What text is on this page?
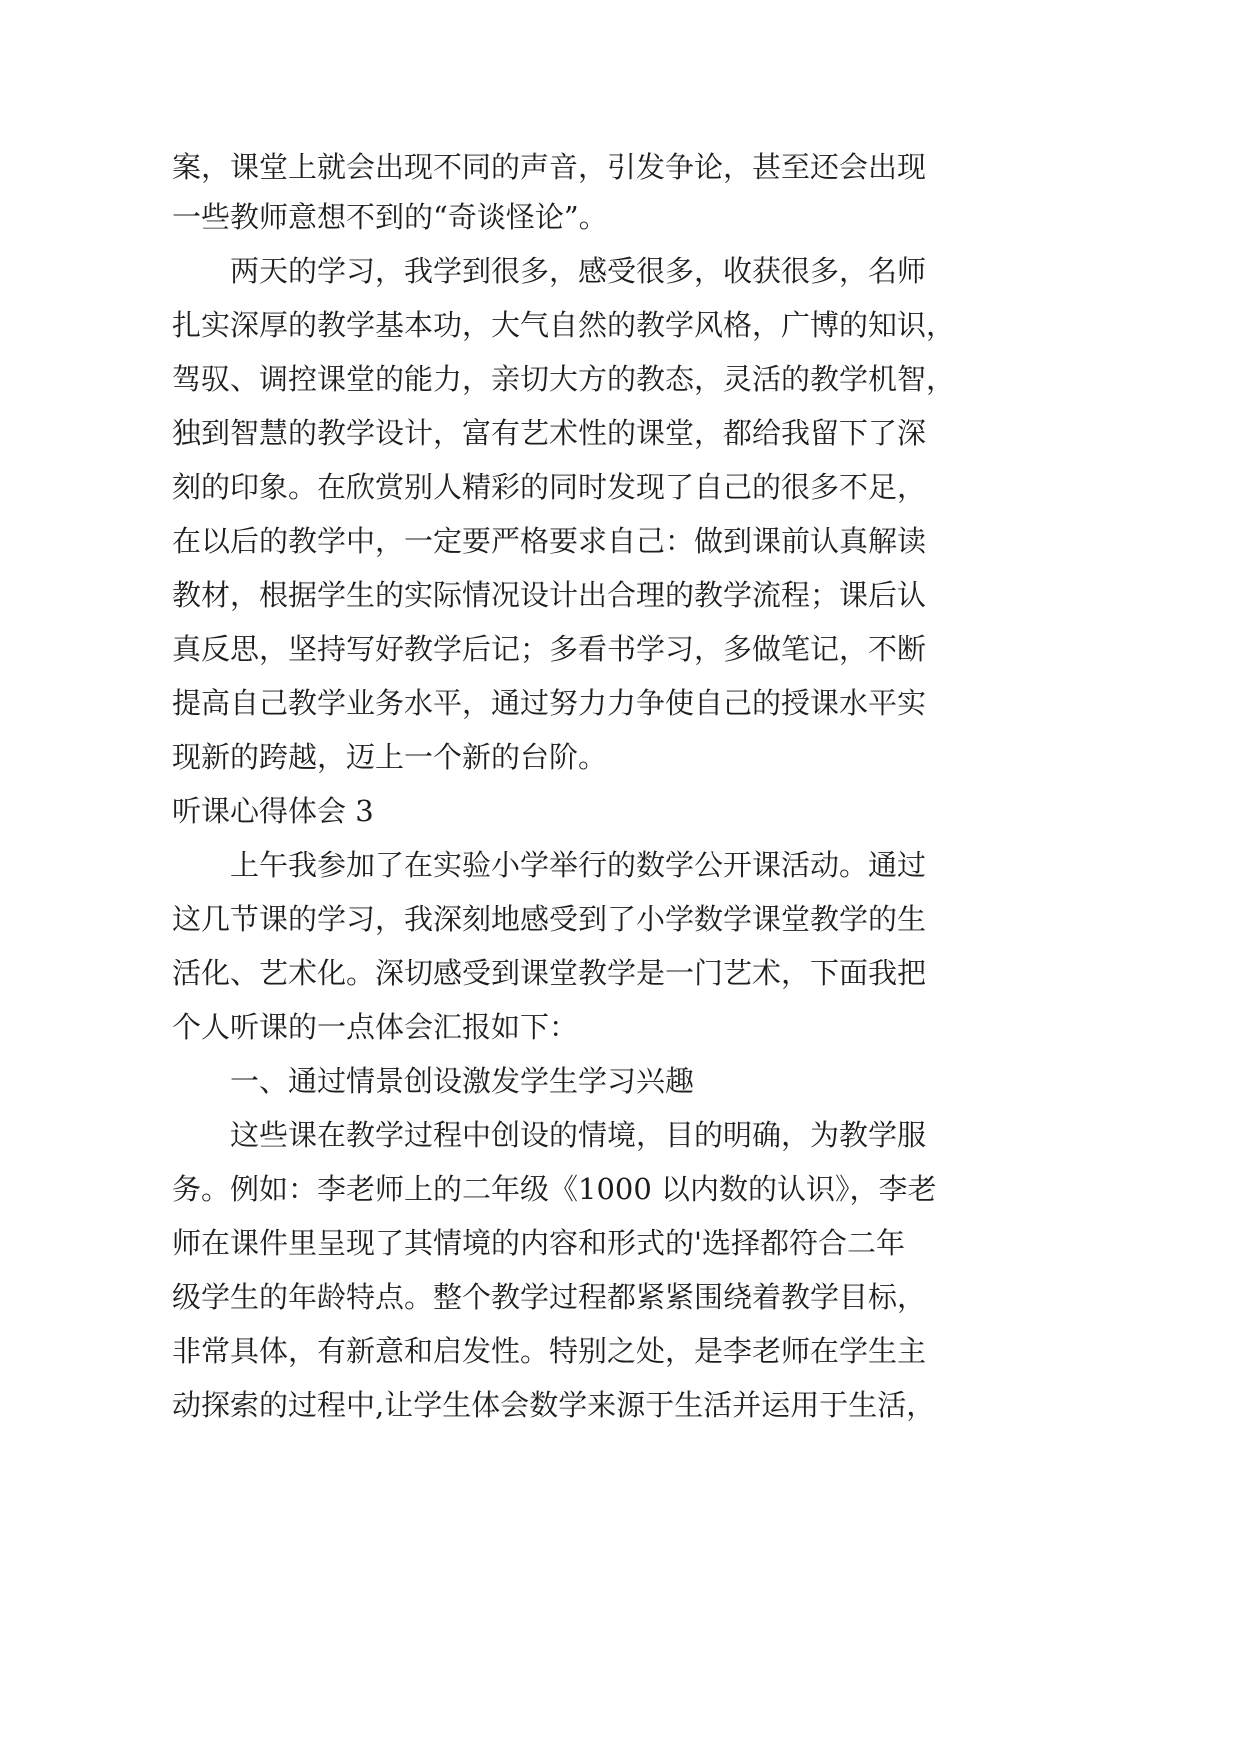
案，课堂上就会出现不同的声音，引发争论，甚至还会出现

一些教师意想不到的“奇谈怪论”。

两天的学习，我学到很多，感受很多，收获很多，名师

扎实深厚的教学基本功，大气自然的教学风格，广博的知识，

驾驭、调控课堂的能力，亲切大方的教态，灵活的教学机智，

独到智慧的教学设计，富有艺术性的课堂，都给我留下了深

刻的印象。在欣赏别人精彩的同时发现了自己的很多不足，

在以后的教学中，一定要严格要求自己：做到课前认真解读

教材，根据学生的实际情况设计出合理的教学流程；课后认

真反思，坚持写好教学后记；多看书学习，多做笔记，不断

提高自己教学业务水平，通过努力力争使自己的授课水平实

现新的跨越，迈上一个新的台阶。

听课心得体会 3

上午我参加了在实验小学举行的数学公开课活动。通过

这几节课的学习，我深刻地感受到了小学数学课堂教学的生

活化、艺术化。深切感受到课堂教学是一门艺术，下面我把

个人听课的一点体会汇报如下：

一、通过情景创设激发学生学习兴趣

这些课在教学过程中创设的情境，目的明确，为教学服

务。例如：李老师上的二年级《1000 以内数的认识》，李老

师在课件里呈现了其情境的内容和形式的'选择都符合二年

级学生的年龄特点。整个教学过程都紧紧围绕着教学目标，

非常具体，有新意和启发性。特别之处，是李老师在学生主

动探索的过程中,让学生体会数学来源于生活并运用于生活，
